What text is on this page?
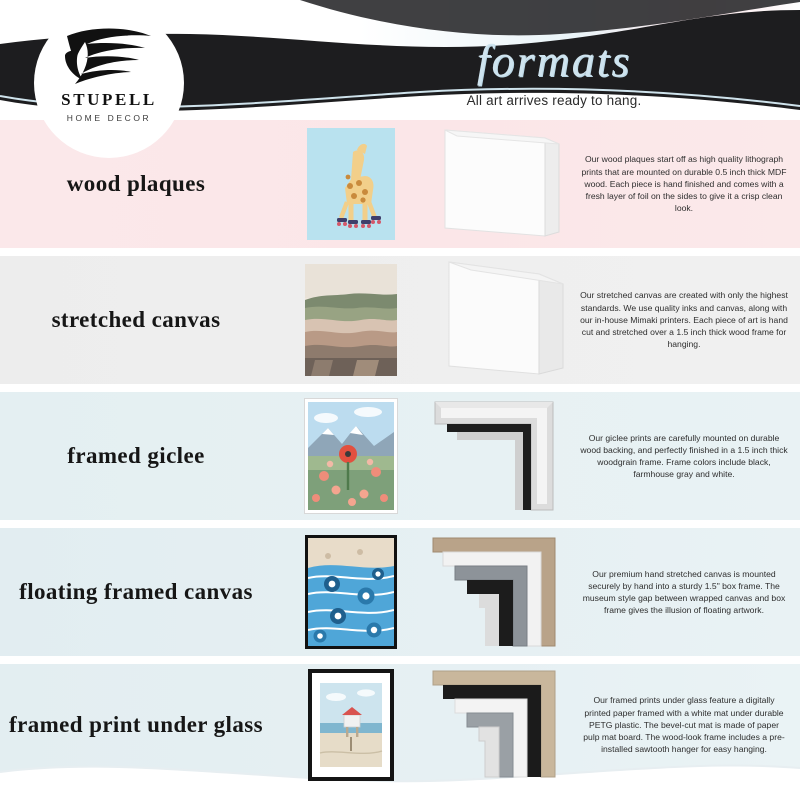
formats
All art arrives ready to hang.
STUPELL
HOME DECOR
wood plaques

Our wood plaques start off as high quality lithograph prints that are mounted on durable 0.5 inch thick MDF wood. Each piece is hand finished and comes with a fresh layer of foil on the sides to give it a crisp clean look.

stretched canvas

Our stretched canvas are created with only the highest standards. We use quality inks and canvas, along with our in-house Mimaki printers. Each piece of art is hand cut and stretched over a 1.5 inch thick wood frame for hanging.

framed giclee

Our giclee prints are carefully mounted on durable wood backing, and perfectly finished in a 1.5 inch thick woodgrain frame. Frame colors include black, farmhouse gray and white.

floating framed canvas

Our premium hand stretched canvas is mounted securely by hand into a sturdy 1.5" box frame. The museum style gap between wrapped canvas and box frame gives the illusion of floating artwork.

framed print under glass

Our framed prints under glass feature a digitally printed paper framed with a white mat under durable PETG plastic. The bevel-cut mat is made of paper pulp mat board. The wood-look frame includes a pre-installed sawtooth hanger for easy hanging.
